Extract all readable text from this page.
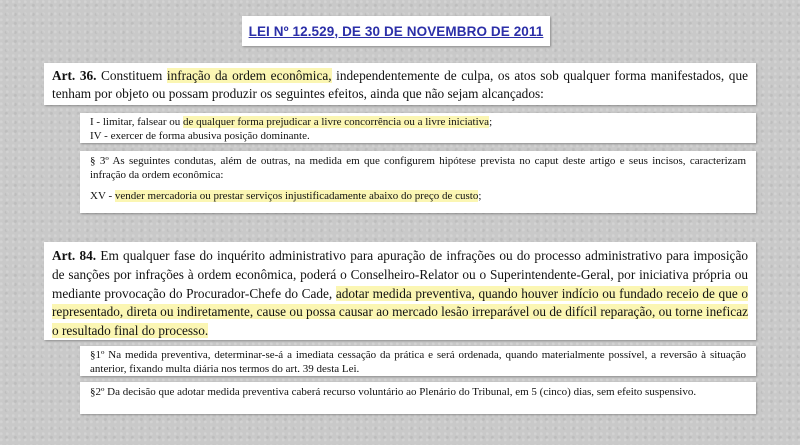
LEI Nº 12.529, DE 30 DE NOVEMBRO DE 2011

Art. 36. Constituem infração da ordem econômica, independentemente de culpa, os atos sob qualquer forma manifestados, que tenham por objeto ou possam produzir os seguintes efeitos, ainda que não sejam alcançados:

I - limitar, falsear ou de qualquer forma prejudicar a livre concorrência ou a livre iniciativa;

IV - exercer de forma abusiva posição dominante.

§ 3º As seguintes condutas, além de outras, na medida em que configurem hipótese prevista no caput deste artigo e seus incisos, caracterizam infração da ordem econômica:

XV - vender mercadoria ou prestar serviços injustificadamente abaixo do preço de custo;

Art. 84. Em qualquer fase do inquérito administrativo para apuração de infrações ou do processo administrativo para imposição de sanções por infrações à ordem econômica, poderá o Conselheiro-Relator ou o Superintendente-Geral, por iniciativa própria ou mediante provocação do Procurador-Chefe do Cade, adotar medida preventiva, quando houver indício ou fundado receio de que o representado, direta ou indiretamente, cause ou possa causar ao mercado lesão irreparável ou de difícil reparação, ou torne ineficaz o resultado final do processo.

§1º Na medida preventiva, determinar-se-á a imediata cessação da prática e será ordenada, quando materialmente possível, a reversão à situação anterior, fixando multa diária nos termos do art. 39 desta Lei.

§2º Da decisão que adotar medida preventiva caberá recurso voluntário ao Plenário do Tribunal, em 5 (cinco) dias, sem efeito suspensivo.
